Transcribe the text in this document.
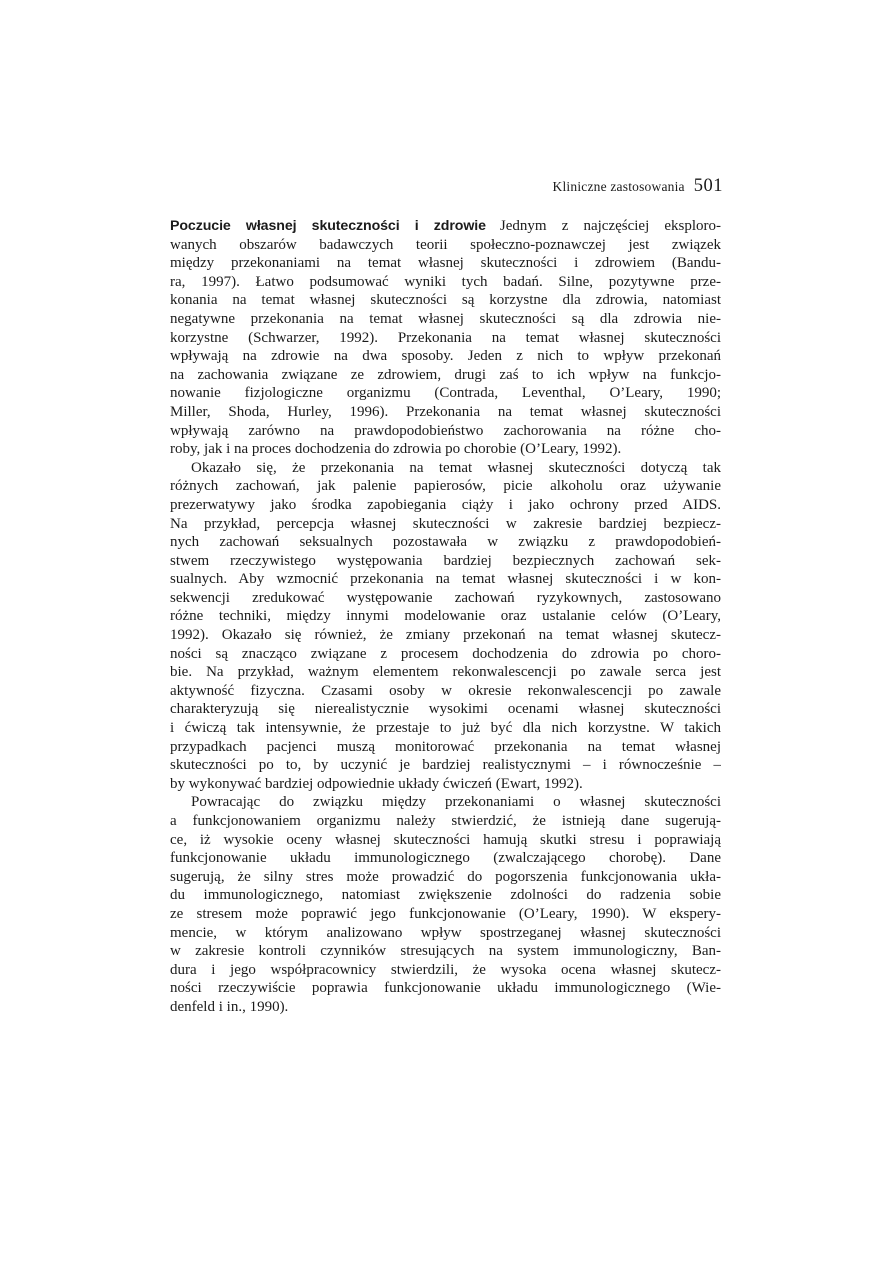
Kliniczne zastosowania 501
Poczucie własnej skuteczności i zdrowie Jednym z najczęściej eksploro-
wanych obszarów badawczych teorii społeczno-poznawczej jest związek
między przekonaniami na temat własnej skuteczności i zdrowiem (Bandu-
ra, 1997). Łatwo podsumować wyniki tych badań. Silne, pozytywne prze-
konania na temat własnej skuteczności są korzystne dla zdrowia, natomiast
negatywne przekonania na temat własnej skuteczności są dla zdrowia nie-
korzystne (Schwarzer, 1992). Przekonania na temat własnej skuteczności
wpływają na zdrowie na dwa sposoby. Jeden z nich to wpływ przekonań
na zachowania związane ze zdrowiem, drugi zaś to ich wpływ na funkcjo-
nowanie fizjologiczne organizmu (Contrada, Leventhal, O’Leary, 1990;
Miller, Shoda, Hurley, 1996). Przekonania na temat własnej skuteczności
wpływają zarówno na prawdopodobieństwo zachorowania na różne cho-
roby, jak i na proces dochodzenia do zdrowia po chorobie (O’Leary, 1992).
Okazało się, że przekonania na temat własnej skuteczności dotyczą tak
różnych zachowań, jak palenie papierosów, picie alkoholu oraz używanie
prezerwatywy jako środka zapobiegania ciąży i jako ochrony przed AIDS.
Na przykład, percepcja własnej skuteczności w zakresie bardziej bezpiecz-
nych zachowań seksualnych pozostawała w związku z prawdopodobień-
stwem rzeczywistego występowania bardziej bezpiecznych zachowań sek-
sualnych. Aby wzmocnić przekonania na temat własnej skuteczności i w kon-
sekwencji zredukować występowanie zachowań ryzykownych, zastosowano
różne techniki, między innymi modelowanie oraz ustalanie celów (O’Leary,
1992). Okazało się również, że zmiany przekonań na temat własnej skutecz-
ności są znacząco związane z procesem dochodzenia do zdrowia po choro-
bie. Na przykład, ważnym elementem rekonwalescencji po zawale serca jest
aktywność fizyczna. Czasami osoby w okresie rekonwalescencji po zawale
charakteryzują się nierealistycznie wysokimi ocenami własnej skuteczności
i ćwiczą tak intensywnie, że przestaje to już być dla nich korzystne. W takich
przypadkach pacjenci muszą monitorować przekonania na temat własnej
skuteczności po to, by uczynić je bardziej realistycznymi – i równocześnie –
by wykonywać bardziej odpowiednie układy ćwiczeń (Ewart, 1992).
Powracając do związku między przekonaniami o własnej skuteczności
a funkcjonowaniem organizmu należy stwierdzić, że istnieją dane sugerują-
ce, iż wysokie oceny własnej skuteczności hamują skutki stresu i poprawiają
funkcjonowanie układu immunologicznego (zwalczającego chorobę). Dane
sugerują, że silny stres może prowadzić do pogorszenia funkcjonowania ukła-
du immunologicznego, natomiast zwiększenie zdolności do radzenia sobie
ze stresem może poprawić jego funkcjonowanie (O’Leary, 1990). W ekspery-
mencie, w którym analizowano wpływ spostrzeganej własnej skuteczności
w zakresie kontroli czynników stresujących na system immunologiczny, Ban-
dura i jego współpracownicy stwierdzili, że wysoka ocena własnej skutecz-
ności rzeczywiście poprawia funkcjonowanie układu immunologicznego (Wie-
denfeld i in., 1990).
